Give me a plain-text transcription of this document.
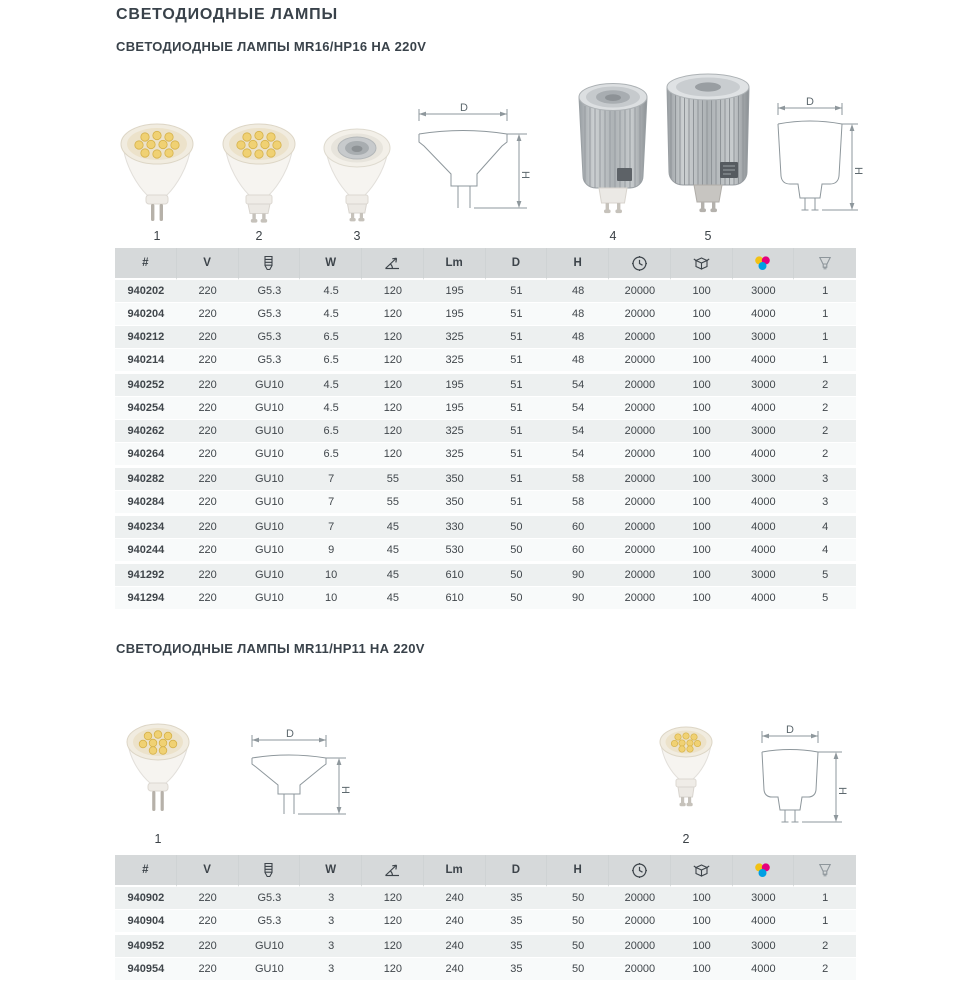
СВЕТОДИОДНЫЕ ЛАМПЫ
СВЕТОДИОДНЫЕ ЛАМПЫ MR16/HP16 НА 220V
D
H
D
H
1	2	3	4	5
#	V		W		Lm	D	H				
940202	220	G5.3	4.5	120	195	51	48	20000	100	3000	1
940204	220	G5.3	4.5	120	195	51	48	20000	100	4000	1
940212	220	G5.3	6.5	120	325	51	48	20000	100	3000	1
940214	220	G5.3	6.5	120	325	51	48	20000	100	4000	1
940252	220	GU10	4.5	120	195	51	54	20000	100	3000	2
940254	220	GU10	4.5	120	195	51	54	20000	100	4000	2
940262	220	GU10	6.5	120	325	51	54	20000	100	3000	2
940264	220	GU10	6.5	120	325	51	54	20000	100	4000	2
940282	220	GU10	7	55	350	51	58	20000	100	3000	3
940284	220	GU10	7	55	350	51	58	20000	100	4000	3
940234	220	GU10	7	45	330	50	60	20000	100	4000	4
940244	220	GU10	9	45	530	50	60	20000	100	4000	4
941292	220	GU10	10	45	610	50	90	20000	100	3000	5
941294	220	GU10	10	45	610	50	90	20000	100	4000	5
СВЕТОДИОДНЫЕ ЛАМПЫ MR11/HP11 НА 220V
D
H
D
H
1	2
#	V		W		Lm	D	H				
940902	220	G5.3	3	120	240	35	50	20000	100	3000	1
940904	220	G5.3	3	120	240	35	50	20000	100	4000	1
940952	220	GU10	3	120	240	35	50	20000	100	3000	2
940954	220	GU10	3	120	240	35	50	20000	100	4000	2
